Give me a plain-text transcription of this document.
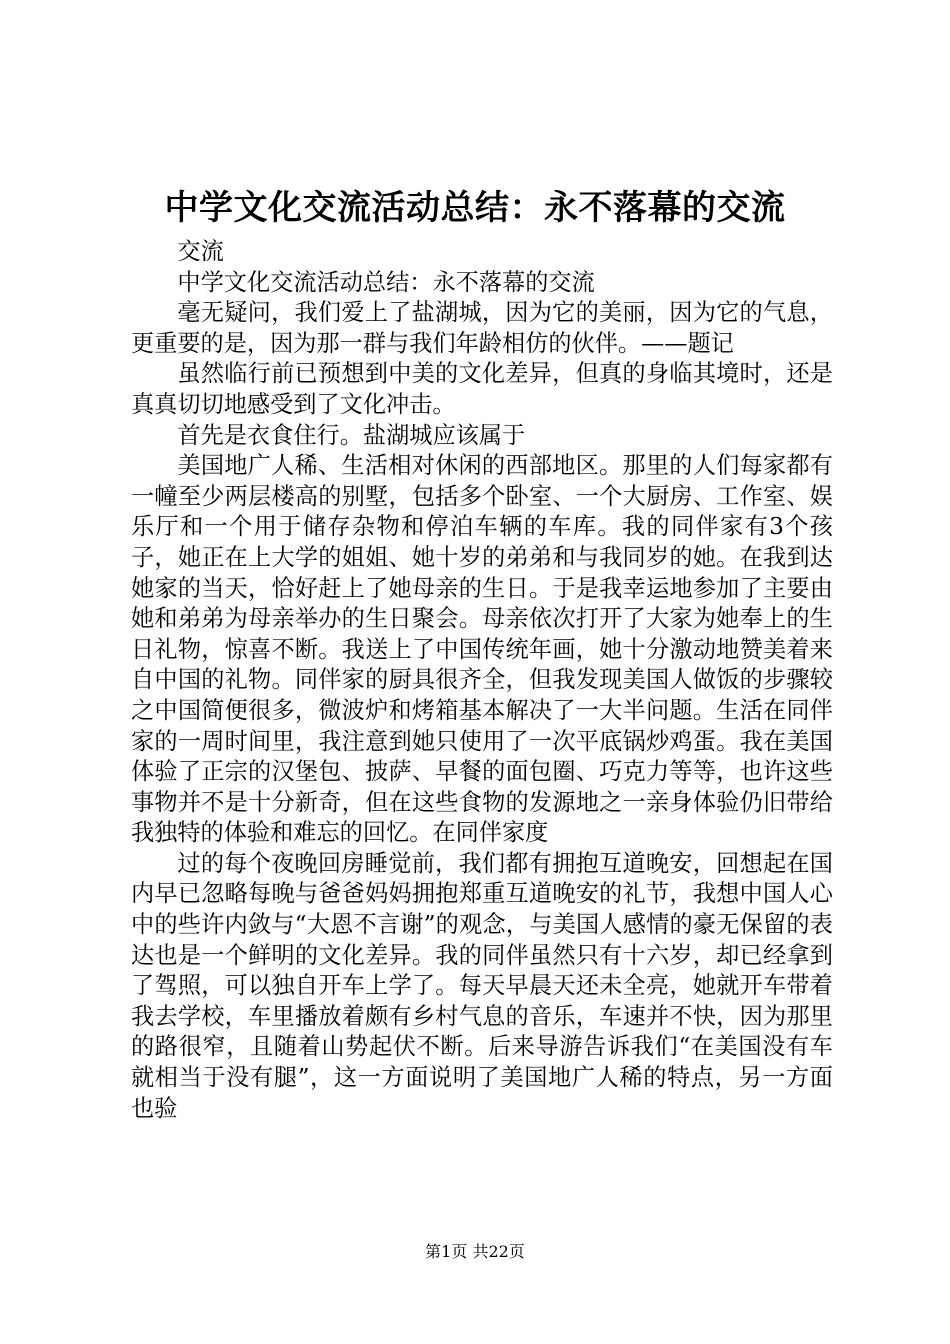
中学文化交流活动总结：永不落幕的交流

交流

中学文化交流活动总结：永不落幕的交流

毫无疑问，我们爱上了盐湖城，因为它的美丽，因为它的气息，更重要的是，因为那一群与我们年龄相仿的伙伴。——题记

虽然临行前已预想到中美的文化差异，但真的身临其境时，还是真真切切地感受到了文化冲击。

首先是衣食住行。盐湖城应该属于

美国地广人稀、生活相对休闲的西部地区。那里的人们每家都有一幢至少两层楼高的别墅，包括多个卧室、一个大厨房、工作室、娱乐厅和一个用于储存杂物和停泊车辆的车库。我的同伴家有3个孩子，她正在上大学的姐姐、她十岁的弟弟和与我同岁的她。在我到达她家的当天，恰好赶上了她母亲的生日。于是我幸运地参加了主要由她和弟弟为母亲举办的生日聚会。母亲依次打开了大家为她奉上的生日礼物，惊喜不断。我送上了中国传统年画，她十分激动地赞美着来自中国的礼物。同伴家的厨具很齐全，但我发现美国人做饭的步骤较之中国简便很多，微波炉和烤箱基本解决了一大半问题。生活在同伴家的一周时间里，我注意到她只使用了一次平底锅炒鸡蛋。我在美国体验了正宗的汉堡包、披萨、早餐的面包圈、巧克力等等，也许这些事物并不是十分新奇，但在这些食物的发源地之一亲身体验仍旧带给我独特的体验和难忘的回忆。在同伴家度

过的每个夜晚回房睡觉前，我们都有拥抱互道晚安，回想起在国内早已忽略每晚与爸爸妈妈拥抱郑重互道晚安的礼节，我想中国人心中的些许内敛与“大恩不言谢”的观念，与美国人感情的豪无保留的表达也是一个鲜明的文化差异。我的同伴虽然只有十六岁，却已经拿到了驾照，可以独自开车上学了。每天早晨天还未全亮，她就开车带着我去学校，车里播放着颇有乡村气息的音乐，车速并不快，因为那里的路很窄，且随着山势起伏不断。后来导游告诉我们“在美国没有车就相当于没有腿”，这一方面说明了美国地广人稀的特点，另一方面也验

第1页 共22页
